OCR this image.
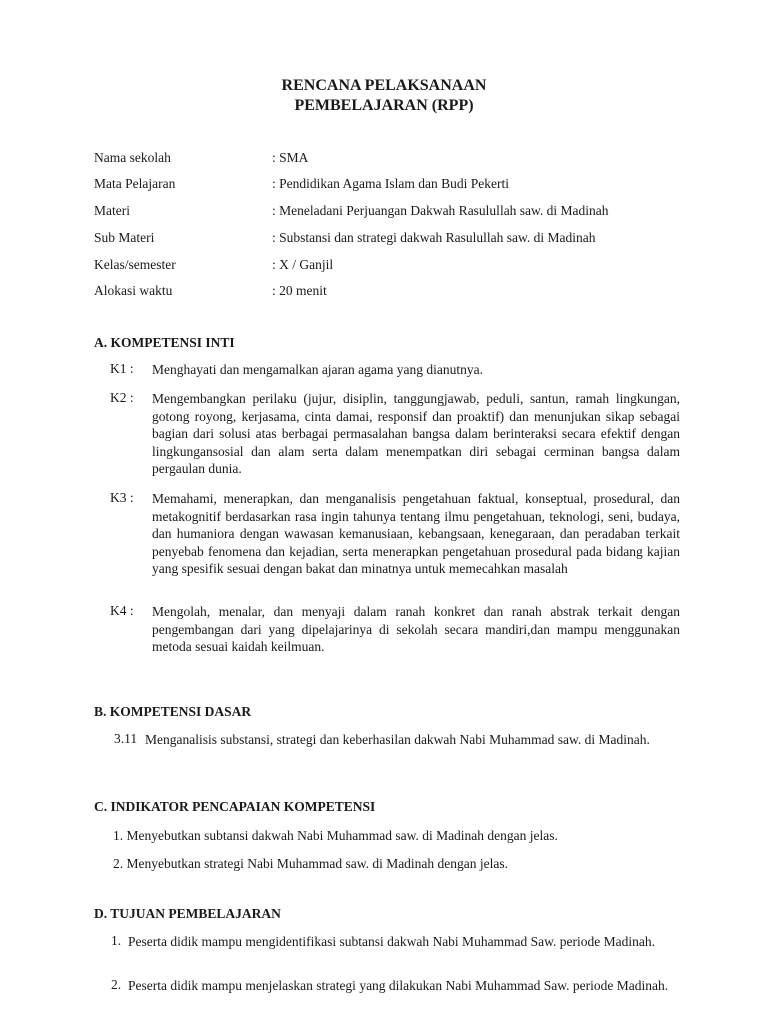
RENCANA PELAKSANAAN
PEMBELAJARAN (RPP)
Nama sekolah	: SMA
Mata Pelajaran	: Pendidikan Agama Islam dan Budi Pekerti
Materi	: Meneladani Perjuangan Dakwah Rasulullah saw. di Madinah
Sub Materi	: Substansi dan strategi dakwah Rasulullah saw. di Madinah
Kelas/semester	: X / Ganjil
Alokasi waktu	: 20 menit
A. KOMPETENSI INTI
K1 : Menghayati dan mengamalkan ajaran agama yang dianutnya.
K2 : Mengembangkan perilaku (jujur, disiplin, tanggungjawab, peduli, santun, ramah lingkungan, gotong royong, kerjasama, cinta damai, responsif dan proaktif) dan menunjukan sikap sebagai bagian dari solusi atas berbagai permasalahan bangsa dalam berinteraksi secara efektif dengan lingkungansosial dan alam serta dalam menempatkan diri sebagai cerminan bangsa dalam pergaulan dunia.
K3 : Memahami, menerapkan, dan menganalisis pengetahuan faktual, konseptual, prosedural, dan metakognitif berdasarkan rasa ingin tahunya tentang ilmu pengetahuan, teknologi, seni, budaya, dan humaniora dengan wawasan kemanusiaan, kebangsaan, kenegaraan, dan peradaban terkait penyebab fenomena dan kejadian, serta menerapkan pengetahuan prosedural pada bidang kajian yang spesifik sesuai dengan bakat dan minatnya untuk memecahkan masalah
K4 : Mengolah, menalar, dan menyaji dalam ranah konkret dan ranah abstrak terkait dengan pengembangan dari yang dipelajarinya di sekolah secara mandiri,dan mampu menggunakan metoda sesuai kaidah keilmuan.
B. KOMPETENSI DASAR
3.11 Menganalisis substansi, strategi dan keberhasilan dakwah Nabi Muhammad saw. di Madinah.
C. INDIKATOR PENCAPAIAN KOMPETENSI
1. Menyebutkan subtansi dakwah Nabi Muhammad saw. di Madinah dengan jelas.
2. Menyebutkan strategi Nabi Muhammad saw. di Madinah dengan jelas.
D. TUJUAN PEMBELAJARAN
1. Peserta didik mampu mengidentifikasi subtansi dakwah Nabi Muhammad Saw. periode Madinah.
2. Peserta didik mampu menjelaskan strategi yang dilakukan Nabi Muhammad Saw. periode Madinah.
